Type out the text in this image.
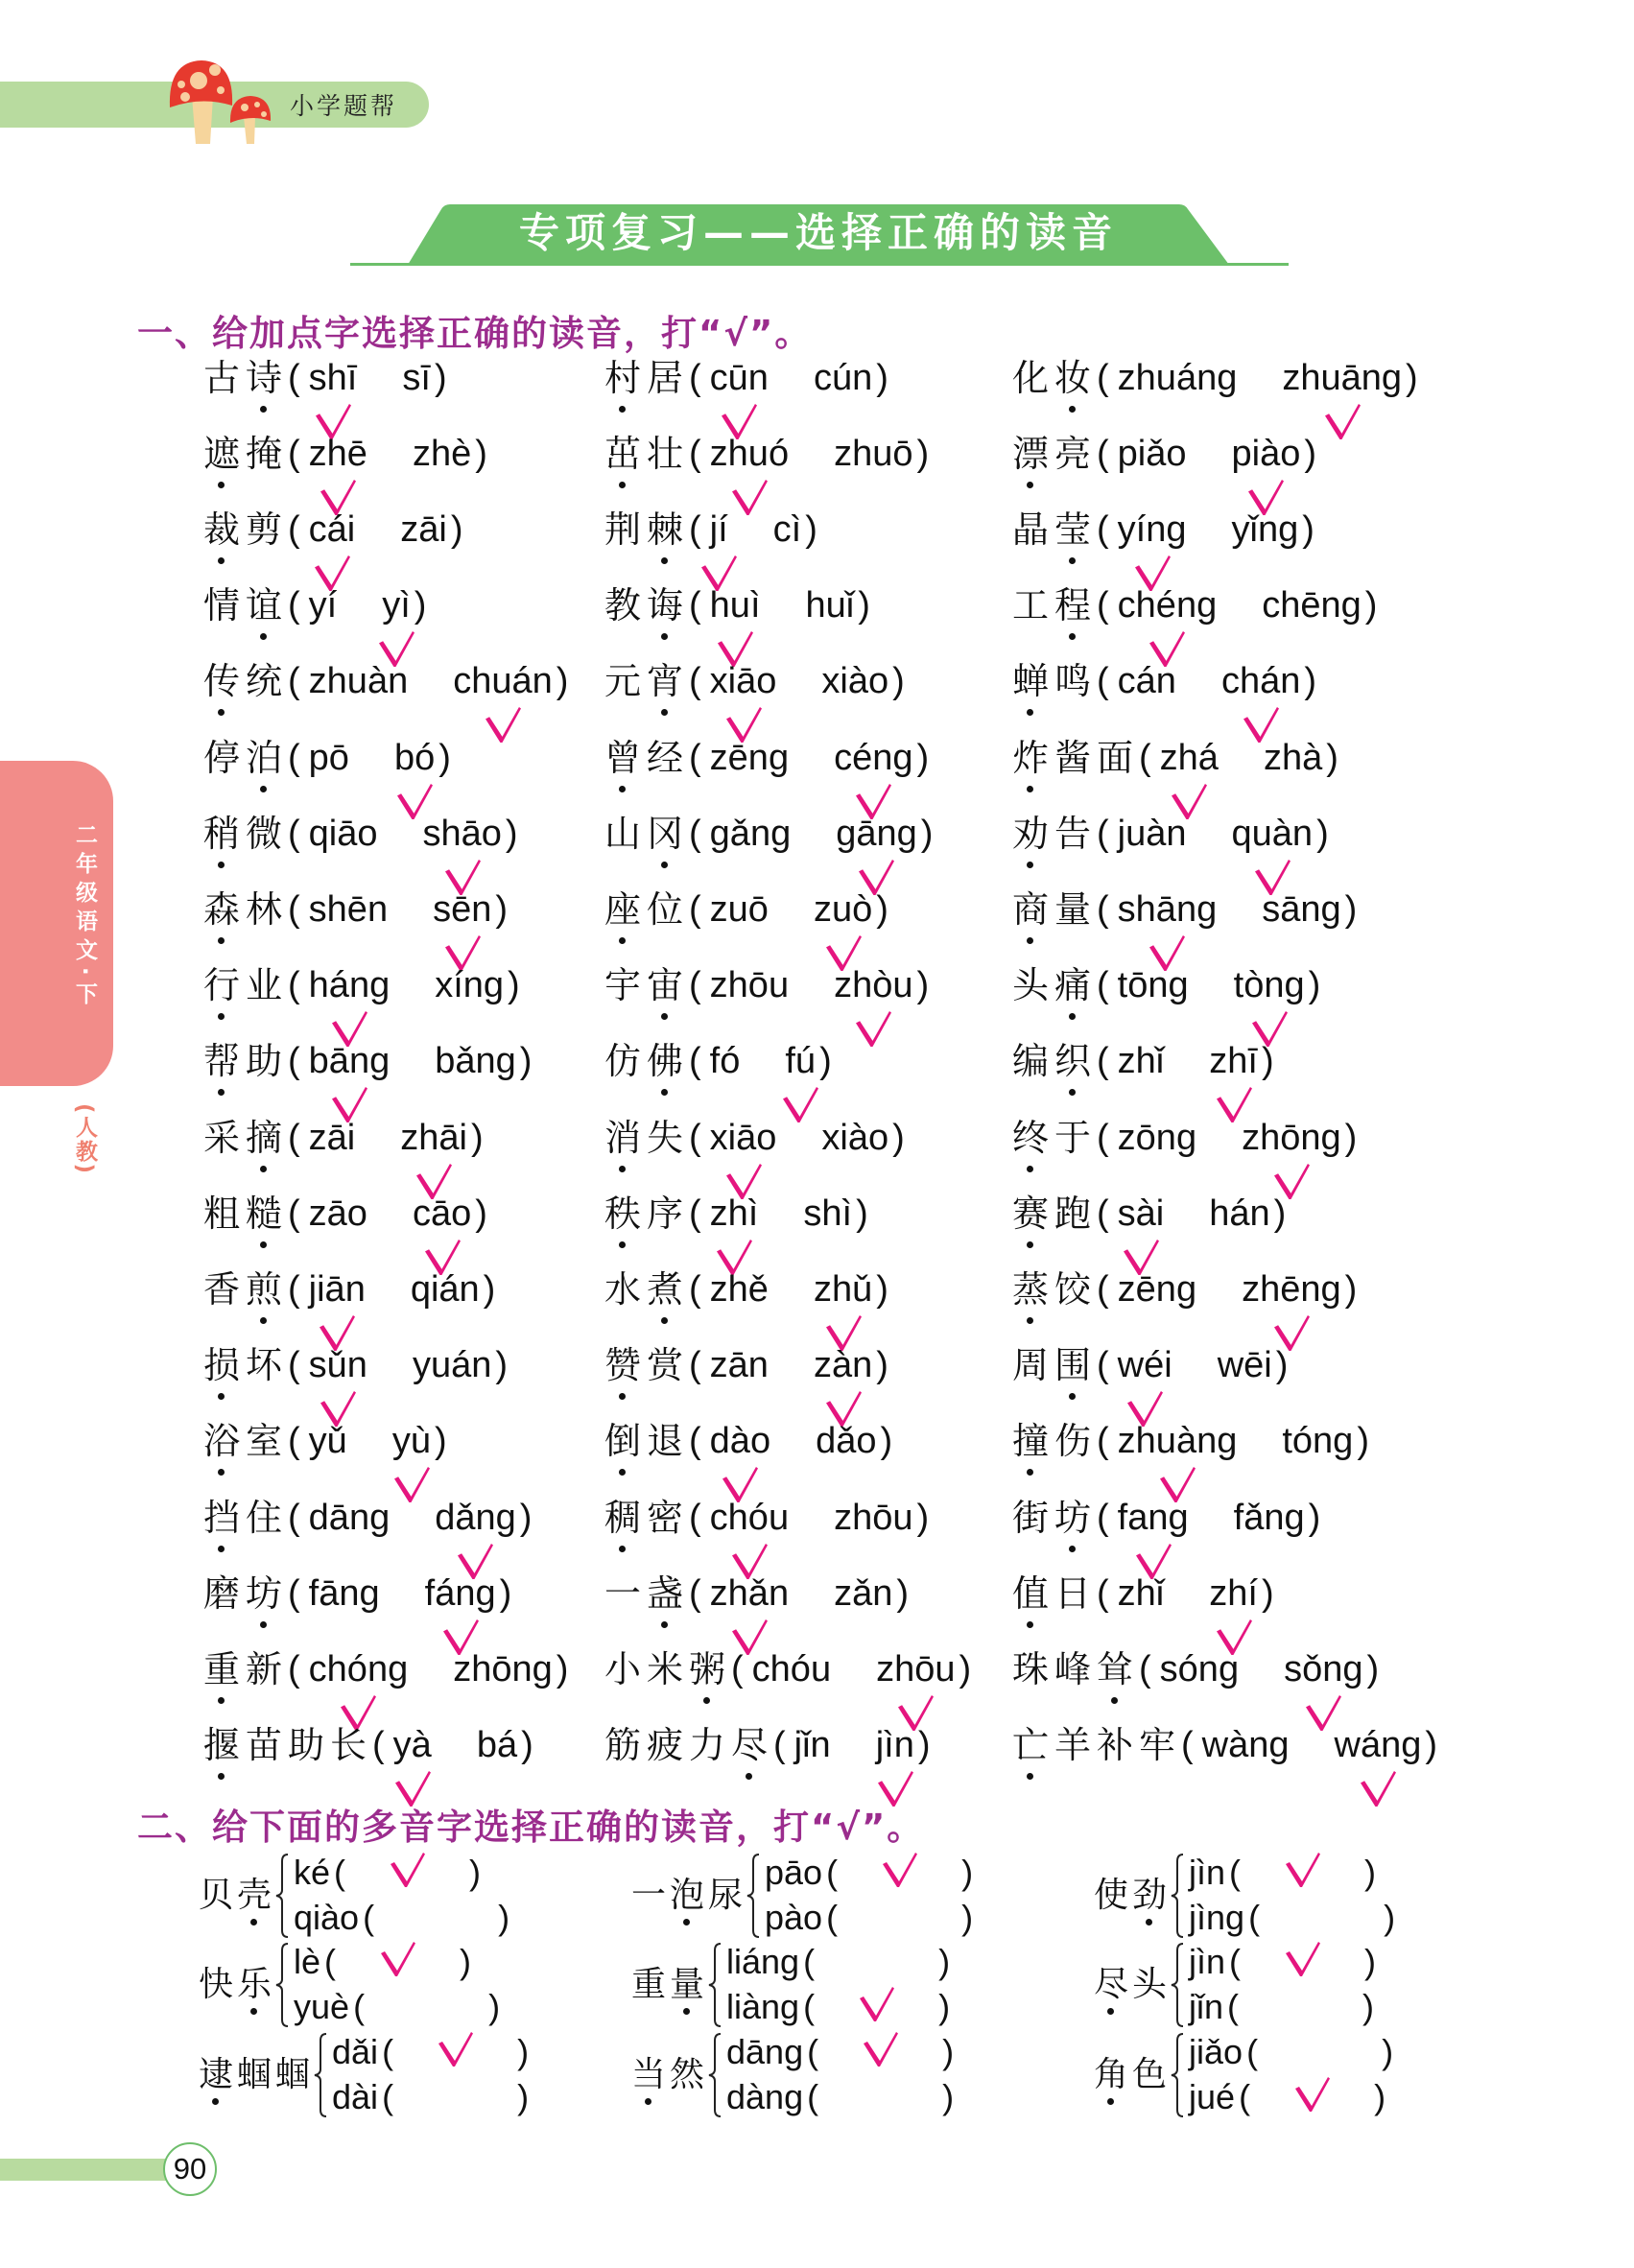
小学题帮
专项复习——选择正确的读音
二年级语文·下
(人教)
一、给加点字选择正确的读音，打“√”。
古诗 ( shī sī
)
遮掩 ( zhē zhè
)
裁剪 ( cái zāi
)
情谊 ( yí yì
)
传统 ( zhuàn chuán
)
停泊 ( pō bó
)
稍微 ( qiāo shāo
)
森林 ( shēn sēn
)
行业 ( háng xíng
)
帮助 ( bāng bǎng
)
采摘 ( zāi zhāi
)
粗糙 ( zāo cāo
)
香煎 ( jiān qián
)
损坏 ( sǔn yuán
)
浴室 ( yǔ yù
)
挡住 ( dāng dǎng
)
磨坊 ( fāng fáng
)
重新 ( chóng zhōng
)
揠苗助长 ( yà bá
)
村居 ( cūn cún
)
茁壮 ( zhuó zhuō
)
荆棘 ( jí cì
)
教诲 ( huì huǐ
)
元宵 ( xiāo xiào
)
曾经 ( zēng céng
)
山冈 ( gǎng gāng
)
座位 ( zuō zuò
)
宇宙 ( zhōu zhòu
)
仿佛 ( fó fú
)
消失 ( xiāo xiào
)
秩序 ( zhì shì
)
水煮 ( zhě zhǔ
)
赞赏 ( zān zàn
)
倒退 ( dào dǎo
)
稠密 ( chóu zhōu
)
一盏 ( zhǎn zǎn
)
小米粥 ( chóu zhōu
)
筋疲力尽 ( jǐn jìn
)
化妆 ( zhuáng zhuāng
)
漂亮 ( piǎo piào
)
晶莹 ( yíng yǐng
)
工程 ( chéng chēng
)
蝉鸣 ( cán chán
)
炸酱面 ( zhá zhà
)
劝告 ( juàn quàn
)
商量 ( shāng sāng
)
头痛 ( tōng tòng
)
编织 ( zhǐ zhī
)
终于 ( zōng zhōng
)
赛跑 ( sài hán
)
蒸饺 ( zēng zhēng
)
周围 ( wéi wēi
)
撞伤 ( zhuàng tóng
)
街坊 ( fang fǎng
)
值日 ( zhǐ zhí
)
珠峰耸 ( sóng sǒng
)
亡羊补牢 ( wàng wáng
)
二、给下面的多音字选择正确的读音，打“√”。
贝壳
ké
(
)
qiào
( )
快乐
lè
(
)
yuè
( )
逮蝈蝈
dǎi
(
)
dài
( )
一泡尿
pāo
(
)
pào
( )
重量
liáng
( )
liàng
(
)
当然
dāng
(
)
dàng
( )
使劲
jìn
(
)
jìng
( )
尽头
jìn
(
)
jǐn
( )
角色
jiǎo
( )
jué
(
)
90
